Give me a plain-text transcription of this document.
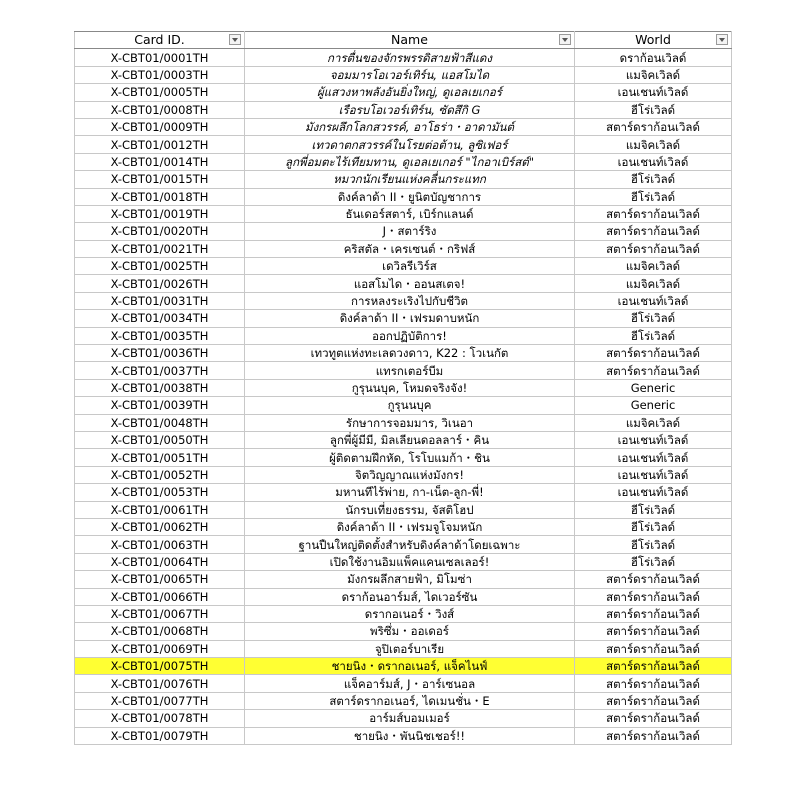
Card ID.	Name	World

X-CBT01/0001TH	การตื่นของจักรพรรดิสายฟ้าสีแดง	ดราก้อนเวิลด์
X-CBT01/0003TH	จอมมารโอเวอร์เทิร์น, แอสโมได	แมจิคเวิลด์
X-CBT01/0005TH	ผู้แสวงหาพลังอันยิ่งใหญ่, ดูเอลเยเกอร์	เอนเชนท์เวิลด์
X-CBT01/0008TH	เรือรบโอเวอร์เทิร์น, ซัดสึกิ G	ฮีโร่เวิลด์
X-CBT01/0009TH	มังกรผลึกโลกสวรรค์, อาโธร่า・อาดามันต์	สตาร์ดราก้อนเวิลด์
X-CBT01/0012TH	เทวดาตกสวรรค์ในโรยต่อต้าน, ลูซิเฟอร์	แมจิคเวิลด์
X-CBT01/0014TH	ลูกพี่อมตะไร้เทียมทาน, ดูเอลเยเกอร์ "ไกอาเบิร์สต์"	เอนเชนท์เวิลด์
X-CBT01/0015TH	หมวกนักเรียนแห่งคลื่นกระแทก	ฮีโร่เวิลด์
X-CBT01/0018TH	ดิงค์ลาด้า II・ยูนิตบัญชาการ	ฮีโร่เวิลด์
X-CBT01/0019TH	ธันเดอร์สตาร์, เบิร์กแลนด์	สตาร์ดราก้อนเวิลด์
X-CBT01/0020TH	J・สตาร์ริง	สตาร์ดราก้อนเวิลด์
X-CBT01/0021TH	คริสตัล・เครเซนต์・กริฟส์	สตาร์ดราก้อนเวิลด์
X-CBT01/0025TH	เดวิลรีเวิร์ส	แมจิคเวิลด์
X-CBT01/0026TH	แอสโมได・ออนสเตจ!	แมจิคเวิลด์
X-CBT01/0031TH	การหลงระเริงไปกับชีวิต	เอนเชนท์เวิลด์
X-CBT01/0034TH	ดิงค์ลาด้า II・เฟรมดาบหนัก	ฮีโร่เวิลด์
X-CBT01/0035TH	ออกปฏิบัติการ!	ฮีโร่เวิลด์
X-CBT01/0036TH	เทวทูตแห่งทะเลดวงดาว, K22 : โวเนกัต	สตาร์ดราก้อนเวิลด์
X-CBT01/0037TH	แทรกเตอร์บีม	สตาร์ดราก้อนเวิลด์
X-CBT01/0038TH	กูรุนนบุค, โหมดจริงจัง!	Generic
X-CBT01/0039TH	กูรุนนบุค	Generic
X-CBT01/0048TH	รักษาการจอมมาร, วิเนอา	แมจิคเวิลด์
X-CBT01/0050TH	ลูกพี่ผู้มีมี, มิลเลียนดอลลาร์・คิน	เอนเชนท์เวิลด์
X-CBT01/0051TH	ผู้ติดตามฝึกหัด, โรโบแมก้า・ชิน	เอนเชนท์เวิลด์
X-CBT01/0052TH	จิตวิญญาณแห่งมังกร!	เอนเชนท์เวิลด์
X-CBT01/0053TH	มหานทีไร้พ่าย, กา-เน็ต-ลูก-พี่!	เอนเชนท์เวิลด์
X-CBT01/0061TH	นักรบเที่ยงธรรม, จัสติโฮป	ฮีโร่เวิลด์
X-CBT01/0062TH	ดิงค์ลาด้า II・เฟรมจูโจมหนัก	ฮีโร่เวิลด์
X-CBT01/0063TH	ฐานปืนใหญ่ติดตั้งสำหรับดิงค์ลาด้าโดยเฉพาะ	ฮีโร่เวิลด์
X-CBT01/0064TH	เปิดใช้งานอิมแพ็คแคนเซลเลอร์!	ฮีโร่เวิลด์
X-CBT01/0065TH	มังกรผลึกสายฟ้า, มิโมซ่า	สตาร์ดราก้อนเวิลด์
X-CBT01/0066TH	ดราก้อนอาร์มส์, ไดเวอร์ซัน	สตาร์ดราก้อนเวิลด์
X-CBT01/0067TH	ดรากอเนอร์・วิงส์	สตาร์ดราก้อนเวิลด์
X-CBT01/0068TH	พริซึ่ม・ออเดอร์	สตาร์ดราก้อนเวิลด์
X-CBT01/0069TH	จูปิเตอร์บาเรีย	สตาร์ดราก้อนเวิลด์
X-CBT01/0075TH	ชายนิง・ดรากอเนอร์, แจ็คไนฟ์	สตาร์ดราก้อนเวิลด์
X-CBT01/0076TH	แจ็คอาร์มส์, J・อาร์เซนอล	สตาร์ดราก้อนเวิลด์
X-CBT01/0077TH	สตาร์ดรากอเนอร์, ไดเมนชั่น・E	สตาร์ดราก้อนเวิลด์
X-CBT01/0078TH	อาร์มส์บอมเมอร์	สตาร์ดราก้อนเวิลด์
X-CBT01/0079TH	ชายนิง・พันนิชเชอร์!!	สตาร์ดราก้อนเวิลด์
